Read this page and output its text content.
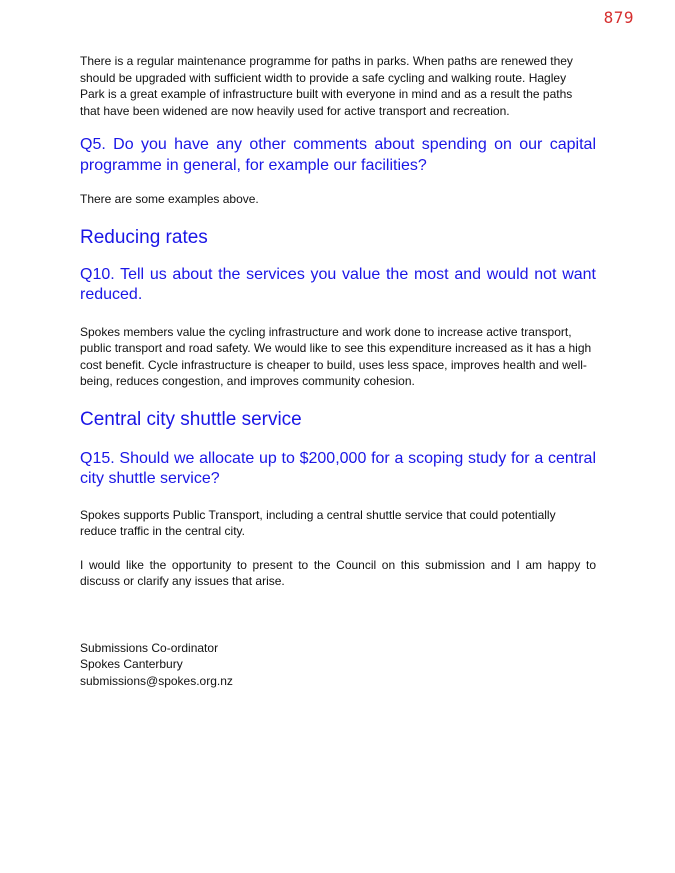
879

There is a regular maintenance programme for paths in parks. When paths are renewed they should be upgraded with sufficient width to provide a safe cycling and walking route. Hagley Park is a great example of infrastructure built with everyone in mind and as a result the paths that have been widened are now heavily used for active transport and recreation.

Q5. Do you have any other comments about spending on our capital programme in general, for example our facilities?

There are some examples above.

Reducing rates
Q10. Tell us about the services you value the most and would not want reduced.

Spokes members value the cycling infrastructure and work done to increase active transport, public transport and road safety. We would like to see this expenditure increased as it has a high cost benefit. Cycle infrastructure is cheaper to build, uses less space, improves health and well-being, reduces congestion, and improves community cohesion.

Central city shuttle service
Q15. Should we allocate up to $200,000 for a scoping study for a central city shuttle service?

Spokes supports Public Transport, including a central shuttle service that could potentially reduce traffic in the central city.

I would like the opportunity to present to the Council on this submission and I am happy to discuss or clarify any issues that arise.

Submissions Co-ordinator

Spokes Canterbury

submissions@spokes.org.nz
